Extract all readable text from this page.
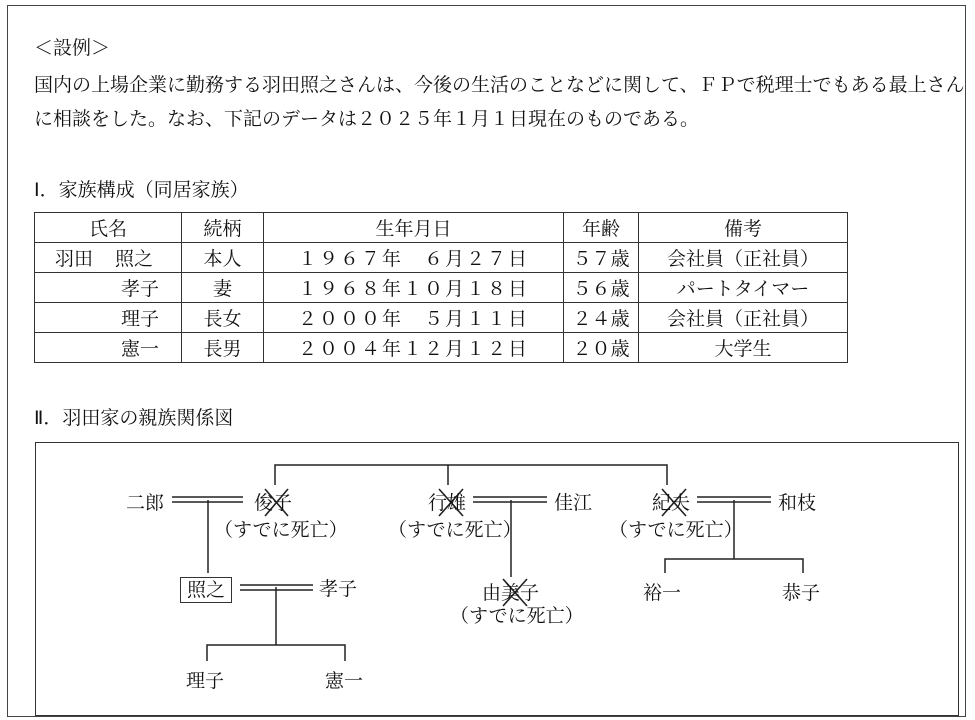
＜設例＞
国内の上場企業に勤務する羽田照之さんは、今後の生活のことなどに関して、ＦＰで税理士でもある最上さんに相談をした。なお、下記のデータは２０２５年１月１日現在のものである。
Ⅰ．家族構成（同居家族）
氏名	続柄	生年月日	年齢	備考
羽田 照之	本人	１９６７年　６月２７日	５７歳	会社員（正社員）
孝子	妻	１９６８年１０月１８日	５６歳	パートタイマー
理子	長女	２０００年　５月１１日	２４歳	会社員（正社員）
憲一	長男	２００４年１２月１２日	２０歳	大学生
Ⅱ．羽田家の親族関係図
二郎	俊子
（すでに死亡）
行雄	佳江
（すでに死亡）
紀夫	和枝
（すでに死亡）
照之	孝子	由美子
（すでに死亡）
裕一	恭子
理子	憲一
